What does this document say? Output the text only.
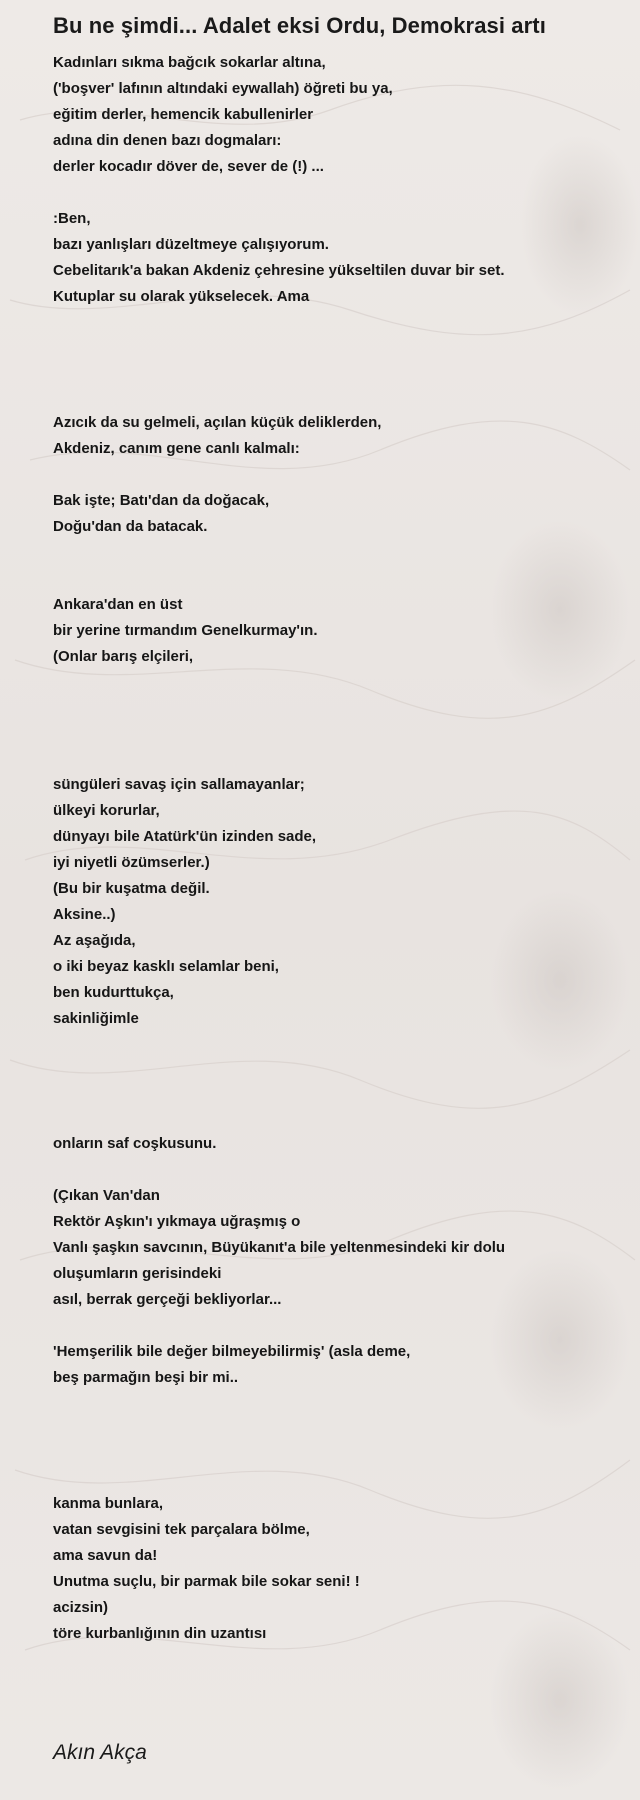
Bu ne şimdi... Adalet eksi Ordu, Demokrasi artı
Kadınları sıkma bağcık sokarlar altına,
('boşver' lafının altındaki eywallah) öğreti bu ya,
eğitim derler, hemencik kabullenirler
adına din denen bazı dogmaları:
derler kocadır döver de, sever de (!) ...
:Ben,
bazı yanlışları düzeltmeye çalışıyorum.
Cebelitarık'a bakan Akdeniz çehresine yükseltilen duvar bir set.
Kutuplar su olarak yükselecek. Ama
Azıcık da su gelmeli, açılan küçük deliklerden,
Akdeniz, canım gene canlı kalmalı:
Bak işte; Batı'dan da doğacak,
Doğu'dan da batacak.
Ankara'dan en üst
bir yerine tırmandım Genelkurmay'ın.
(Onlar barış elçileri,
süngüleri savaş için sallamayanlar;
ülkeyi korurlar,
dünyayı bile Atatürk'ün izinden sade,
iyi niyetli özümserler.)
(Bu bir kuşatma değil.
Aksine..)
Az aşağıda,
o iki beyaz kasklı selamlar beni,
ben kudurttukça,
sakinliğimle
onların saf coşkusunu.
(Çıkan Van'dan
Rektör Aşkın'ı yıkmaya uğraşmış o
Vanlı şaşkın savcının, Büyükanıt'a bile yeltenmesindeki kir dolu
oluşumların gerisindeki
asıl, berrak gerçeği bekliyorlar...
'Hemşerilik bile değer bilmeyebilirmiş' (asla deme,
beş parmağın beşi bir mi..
kanma bunlara,
vatan sevgisini tek parçalara bölme,
ama savun da!
Unutma suçlu, bir parmak bile sokar seni! !
acizsin)
töre kurbanlığının din uzantısı
Akın Akça
